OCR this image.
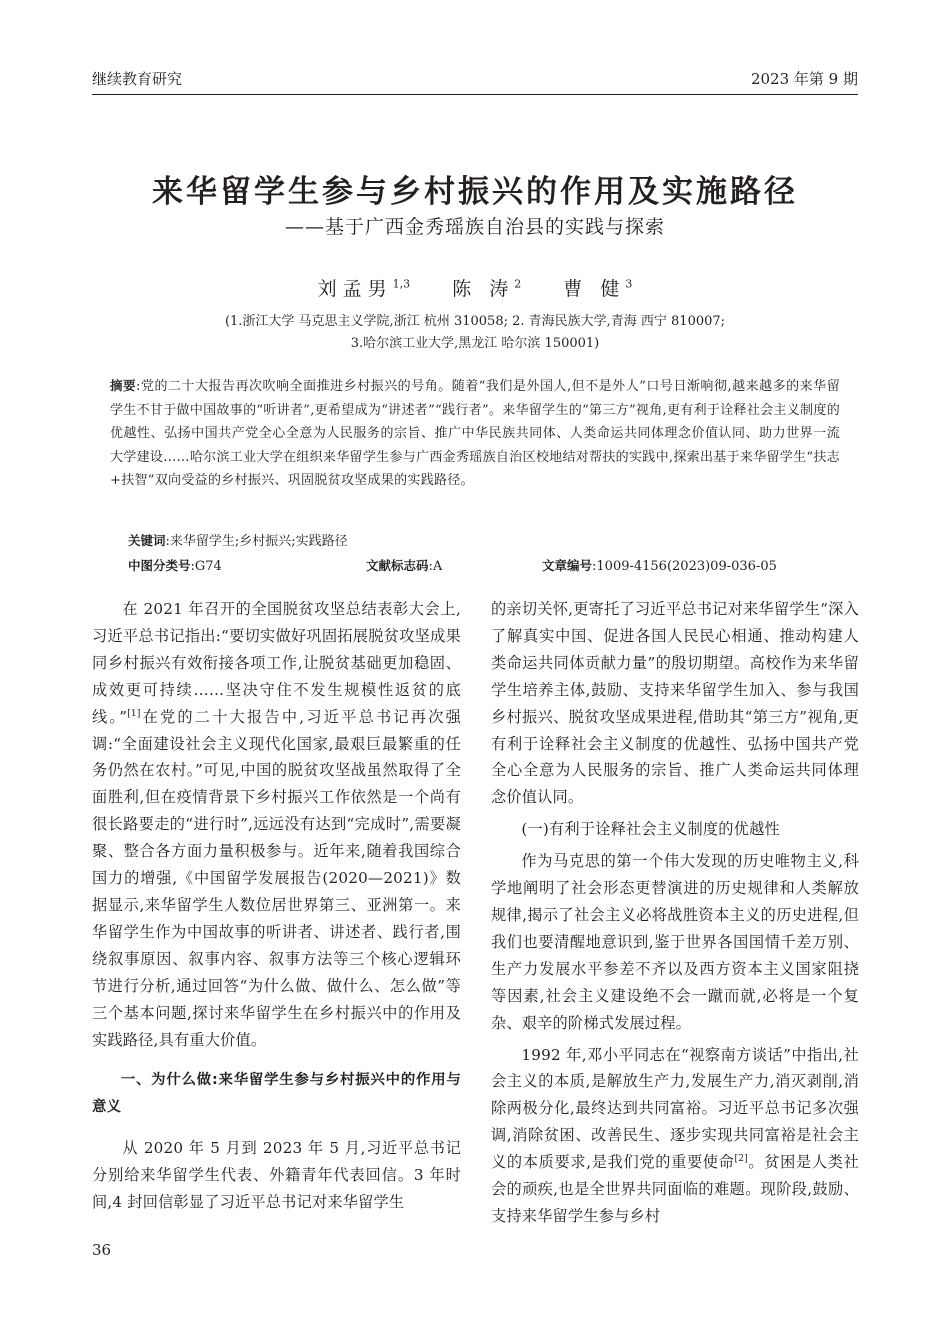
继续教育研究	2023 年第 9 期
来华留学生参与乡村振兴的作用及实施路径
——基于广西金秀瑶族自治县的实践与探索
刘孟男$^{1,3}$ 陈 涛$^2$ 曹 健$^3$
(1.浙江大学 马克思主义学院,浙江 杭州 310058; 2. 青海民族大学,青海 西宁 810007;
3.哈尔滨工业大学,黑龙江 哈尔滨 150001)
摘要:党的二十大报告再次吹响全面推进乡村振兴的号角。随着“我们是外国人,但不是外人”口号日渐响彻,越来越多的来华留学生不甘于做中国故事的“听讲者”,更希望成为“讲述者”“践行者”。来华留学生的“第三方”视角,更有利于诠释社会主义制度的优越性、弘扬中国共产党全心全意为人民服务的宗旨、推广中华民族共同体、人类命运共同体理念价值认同、助力世界一流大学建设……哈尔滨工业大学在组织来华留学生参与广西金秀瑶族自治区校地结对帮扶的实践中,探索出基于来华留学生“扶志+扶智”双向受益的乡村振兴、巩固脱贫攻坚成果的实践路径。
关键词:来华留学生;乡村振兴;实践路径
中图分类号:G74	文献标志码:A	文章编号:1009-4156(2023)09-036-05

在 2021 年召开的全国脱贫攻坚总结表彰大会上,习近平总书记指出:“要切实做好巩固拓展脱贫攻坚成果同乡村振兴有效衔接各项工作,让脱贫基础更加稳固、成效更可持续……坚决守住不发生规模性返贫的底线。”[1]在党的二十大报告中,习近平总书记再次强调:“全面建设社会主义现代化国家,最艰巨最繁重的任务仍然在农村。”可见,中国的脱贫攻坚战虽然取得了全面胜利,但在疫情背景下乡村振兴工作依然是一个尚有很长路要走的“进行时”,远远没有达到“完成时”,需要凝聚、整合各方面力量积极参与。近年来,随着我国综合国力的增强,《中国留学发展报告(2020—2021)》数据显示,来华留学生人数位居世界第三、亚洲第一。来华留学生作为中国故事的听讲者、讲述者、践行者,围绕叙事原因、叙事内容、叙事方法等三个核心逻辑环节进行分析,通过回答“为什么做、做什么、怎么做”等三个基本问题,探讨来华留学生在乡村振兴中的作用及实践路径,具有重大价值。

一、为什么做:来华留学生参与乡村振兴中的作用与意义

从 2020 年 5 月到 2023 年 5 月,习近平总书记分别给来华留学生代表、外籍青年代表回信。3 年时间,4 封回信彰显了习近平总书记对来华留学生

的亲切关怀,更寄托了习近平总书记对来华留学生“深入了解真实中国、促进各国人民民心相通、推动构建人类命运共同体贡献力量”的殷切期望。高校作为来华留学生培养主体,鼓励、支持来华留学生加入、参与我国乡村振兴、脱贫攻坚成果进程,借助其“第三方”视角,更有利于诠释社会主义制度的优越性、弘扬中国共产党全心全意为人民服务的宗旨、推广人类命运共同体理念价值认同。

(一)有利于诠释社会主义制度的优越性

作为马克思的第一个伟大发现的历史唯物主义,科学地阐明了社会形态更替演进的历史规律和人类解放规律,揭示了社会主义必将战胜资本主义的历史进程,但我们也要清醒地意识到,鉴于世界各国国情千差万别、生产力发展水平参差不齐以及西方资本主义国家阻挠等因素,社会主义建设绝不会一蹴而就,必将是一个复杂、艰辛的阶梯式发展过程。

1992 年,邓小平同志在“视察南方谈话”中指出,社会主义的本质,是解放生产力,发展生产力,消灭剥削,消除两极分化,最终达到共同富裕。习近平总书记多次强调,消除贫困、改善民生、逐步实现共同富裕是社会主义的本质要求,是我们党的重要使命[2]。贫困是人类社会的顽疾,也是全世界共同面临的难题。现阶段,鼓励、支持来华留学生参与乡村

36
